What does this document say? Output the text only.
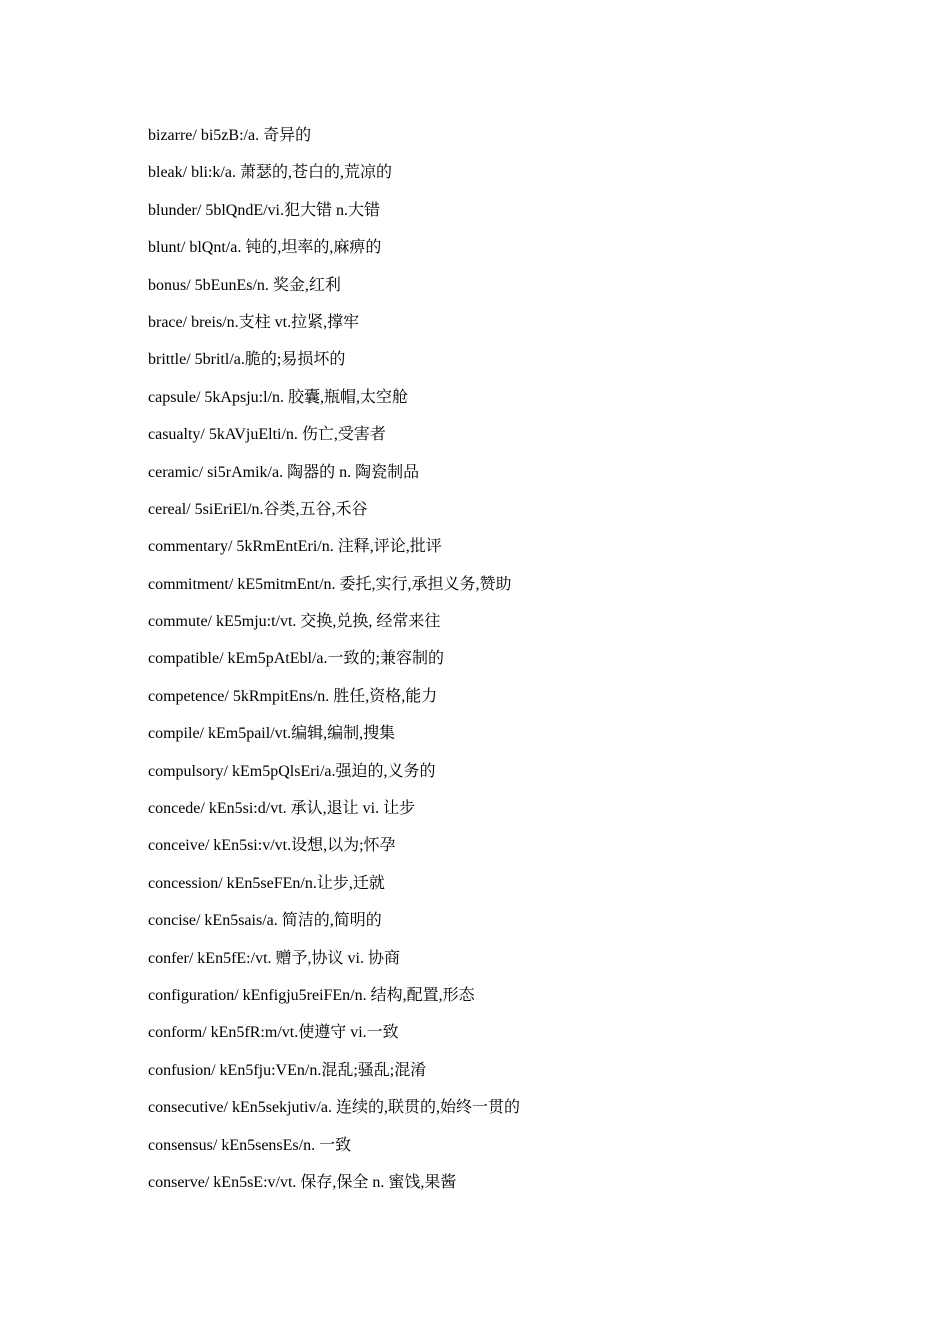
bizarre/ bi5zB:/a. 奇异的
bleak/ bli:k/a. 萧瑟的,苍白的,荒凉的
blunder/ 5blQndE/vi.犯大错 n.大错
blunt/ blQnt/a. 钝的,坦率的,麻痹的
bonus/ 5bEunEs/n. 奖金,红利
brace/ breis/n.支柱 vt.拉紧,撑牢
brittle/ 5britl/a.脆的;易损坏的
capsule/ 5kApsju:l/n. 胶囊,瓶帽,太空舱
casualty/ 5kAVjuElti/n. 伤亡,受害者
ceramic/ si5rAmik/a. 陶器的 n. 陶瓷制品
cereal/ 5siEriEl/n.谷类,五谷,禾谷
commentary/ 5kRmEntEri/n. 注释,评论,批评
commitment/ kE5mitmEnt/n. 委托,实行,承担义务,赞助
commute/ kE5mju:t/vt. 交换,兑换, 经常来往
compatible/ kEm5pAtEbl/a.一致的;兼容制的
competence/ 5kRmpitEns/n. 胜任,资格,能力
compile/ kEm5pail/vt.编辑,编制,搜集
compulsory/ kEm5pQlsEri/a.强迫的,义务的
concede/ kEn5si:d/vt. 承认,退让 vi. 让步
conceive/ kEn5si:v/vt.设想,以为;怀孕
concession/ kEn5seFEn/n.让步,迁就
concise/ kEn5sais/a. 简洁的,简明的
confer/ kEn5fE:/vt. 赠予,协议 vi. 协商
configuration/ kEnfigju5reiFEn/n. 结构,配置,形态
conform/ kEn5fR:m/vt.使遵守 vi.一致
confusion/ kEn5fju:VEn/n.混乱;骚乱;混淆
consecutive/ kEn5sekjutiv/a. 连续的,联贯的,始终一贯的
consensus/ kEn5sensEs/n. 一致
conserve/ kEn5sE:v/vt. 保存,保全 n. 蜜饯,果酱
